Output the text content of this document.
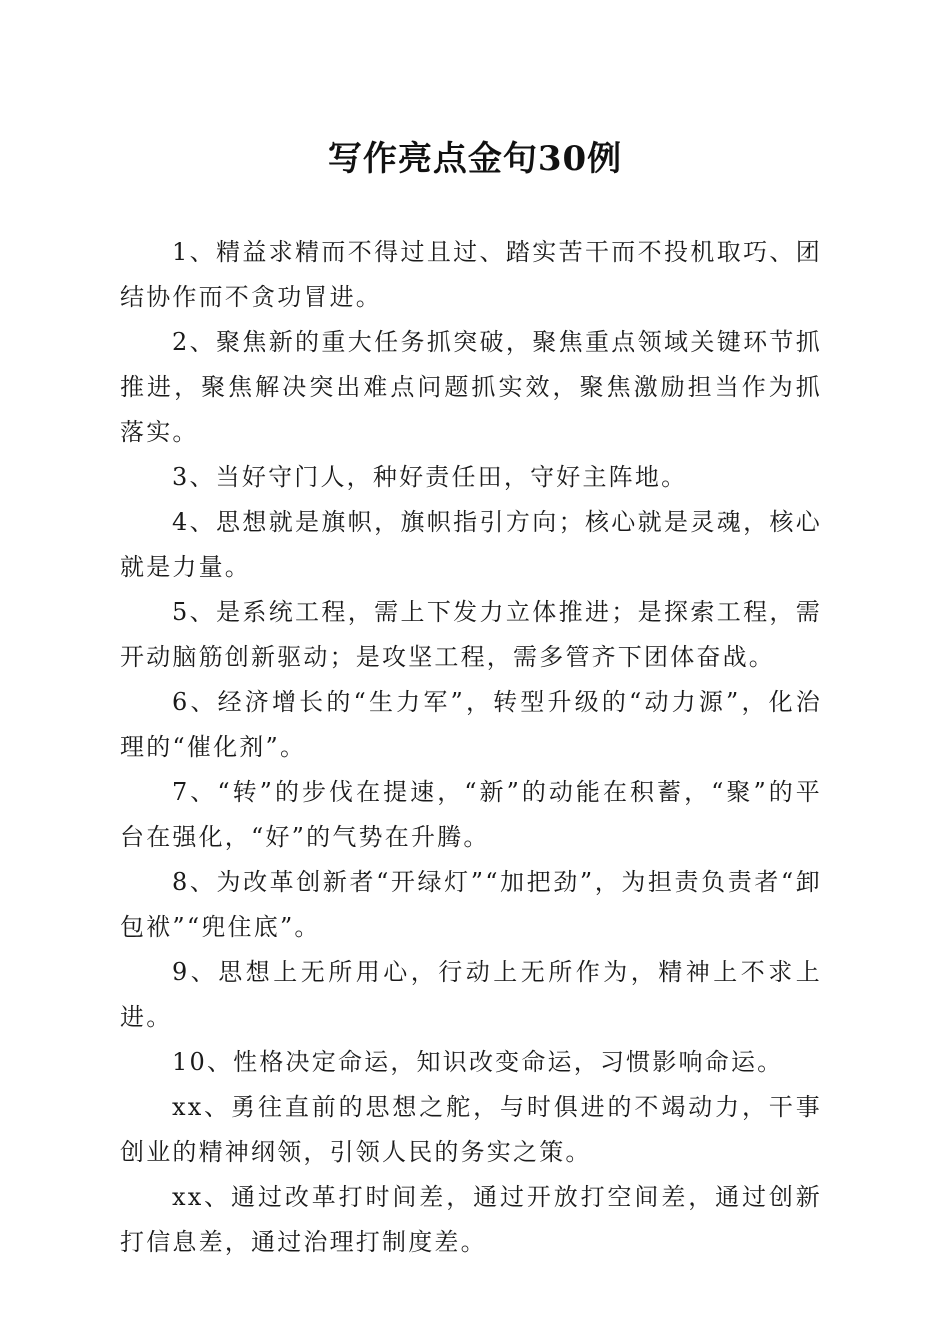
写作亮点金句30例

1、精益求精而不得过且过、踏实苦干而不投机取巧、团结协作而不贪功冒进。

2、聚焦新的重大任务抓突破，聚焦重点领域关键环节抓推进，聚焦解决突出难点问题抓实效，聚焦激励担当作为抓落实。

3、当好守门人，种好责任田，守好主阵地。

4、思想就是旗帜，旗帜指引方向；核心就是灵魂，核心就是力量。

5、是系统工程，需上下发力立体推进；是探索工程，需开动脑筋创新驱动；是攻坚工程，需多管齐下团体奋战。

6、经济增长的“生力军”，转型升级的“动力源”，化治理的“催化剂”。

7、“转”的步伐在提速，“新”的动能在积蓄，“聚”的平台在强化，“好”的气势在升腾。

8、为改革创新者“开绿灯”“加把劲”，为担责负责者“卸包袱”“兜住底”。

9、思想上无所用心，行动上无所作为，精神上不求上进。

10、性格决定命运，知识改变命运，习惯影响命运。

xx、勇往直前的思想之舵，与时俱进的不竭动力，干事创业的精神纲领，引领人民的务实之策。

xx、通过改革打时间差，通过开放打空间差，通过创新打信息差，通过治理打制度差。
